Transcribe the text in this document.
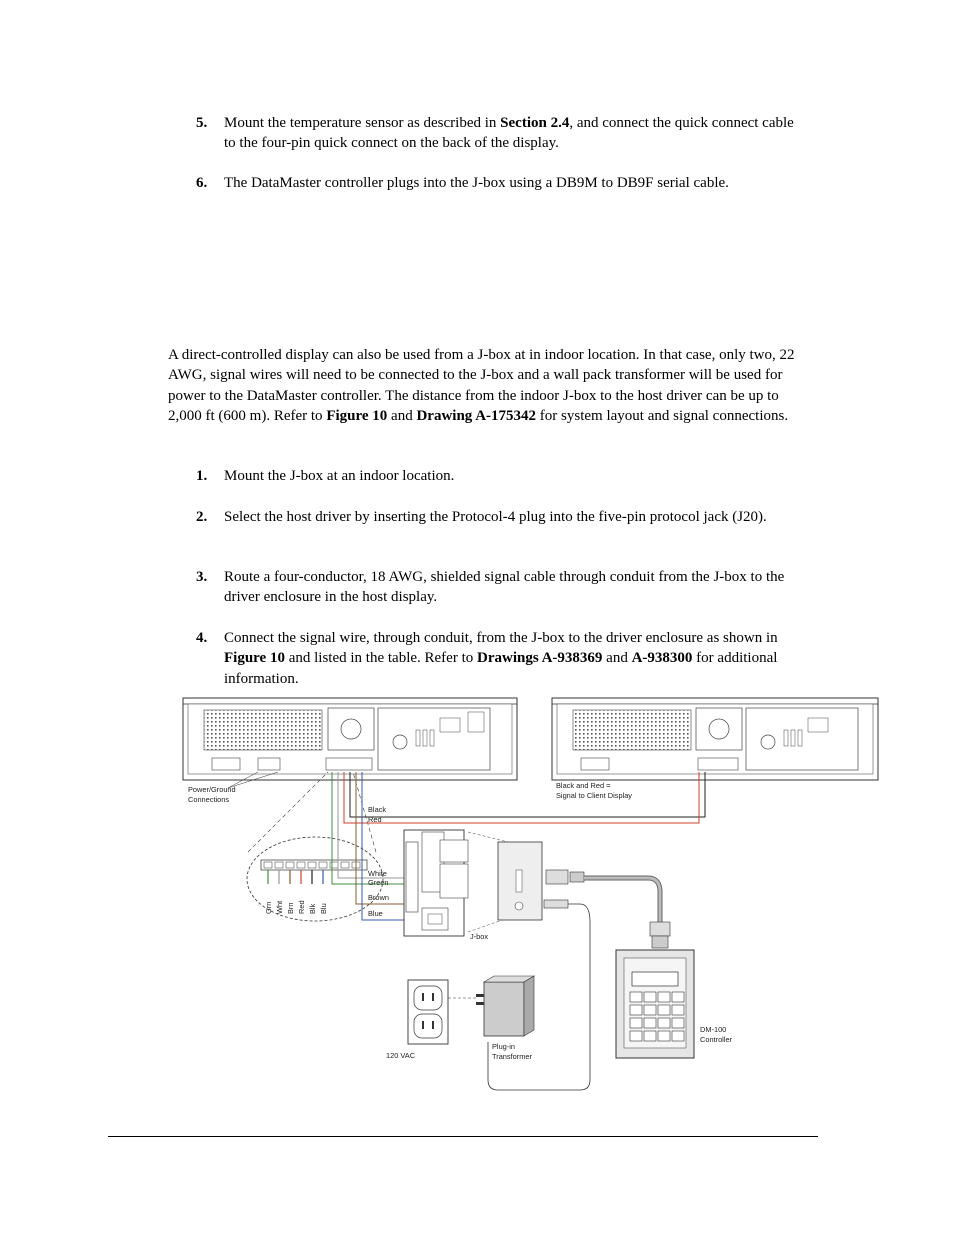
5. Mount the temperature sensor as described in Section 2.4, and connect the quick connect cable to the four-pin quick connect on the back of the display.
6. The DataMaster controller plugs into the J-box using a DB9M to DB9F serial cable.
A direct-controlled display can also be used from a J-box at in indoor location. In that case, only two, 22 AWG, signal wires will need to be connected to the J-box and a wall pack transformer will be used for power to the DataMaster controller. The distance from the indoor J-box to the host driver can be up to 2,000 ft (600 m). Refer to Figure 10 and Drawing A-175342 for system layout and signal connections.
1. Mount the J-box at an indoor location.
2. Select the host driver by inserting the Protocol-4 plug into the five-pin protocol jack (J20).
3. Route a four-conductor, 18 AWG, shielded signal cable through conduit from the J-box to the driver enclosure in the host display.
4. Connect the signal wire, through conduit, from the J-box to the driver enclosure as shown in Figure 10 and listed in the table. Refer to Drawings A-938369 and A-938300 for additional information.
Power/Ground
Connections
Black and Red =
Signal to Client Display
Grn Wht Brn Red Blk Blu
Black
Red
White
Green
Brown
Blue
J-box
120 VAC
Plug-in
Transformer
DM-100
Controller
